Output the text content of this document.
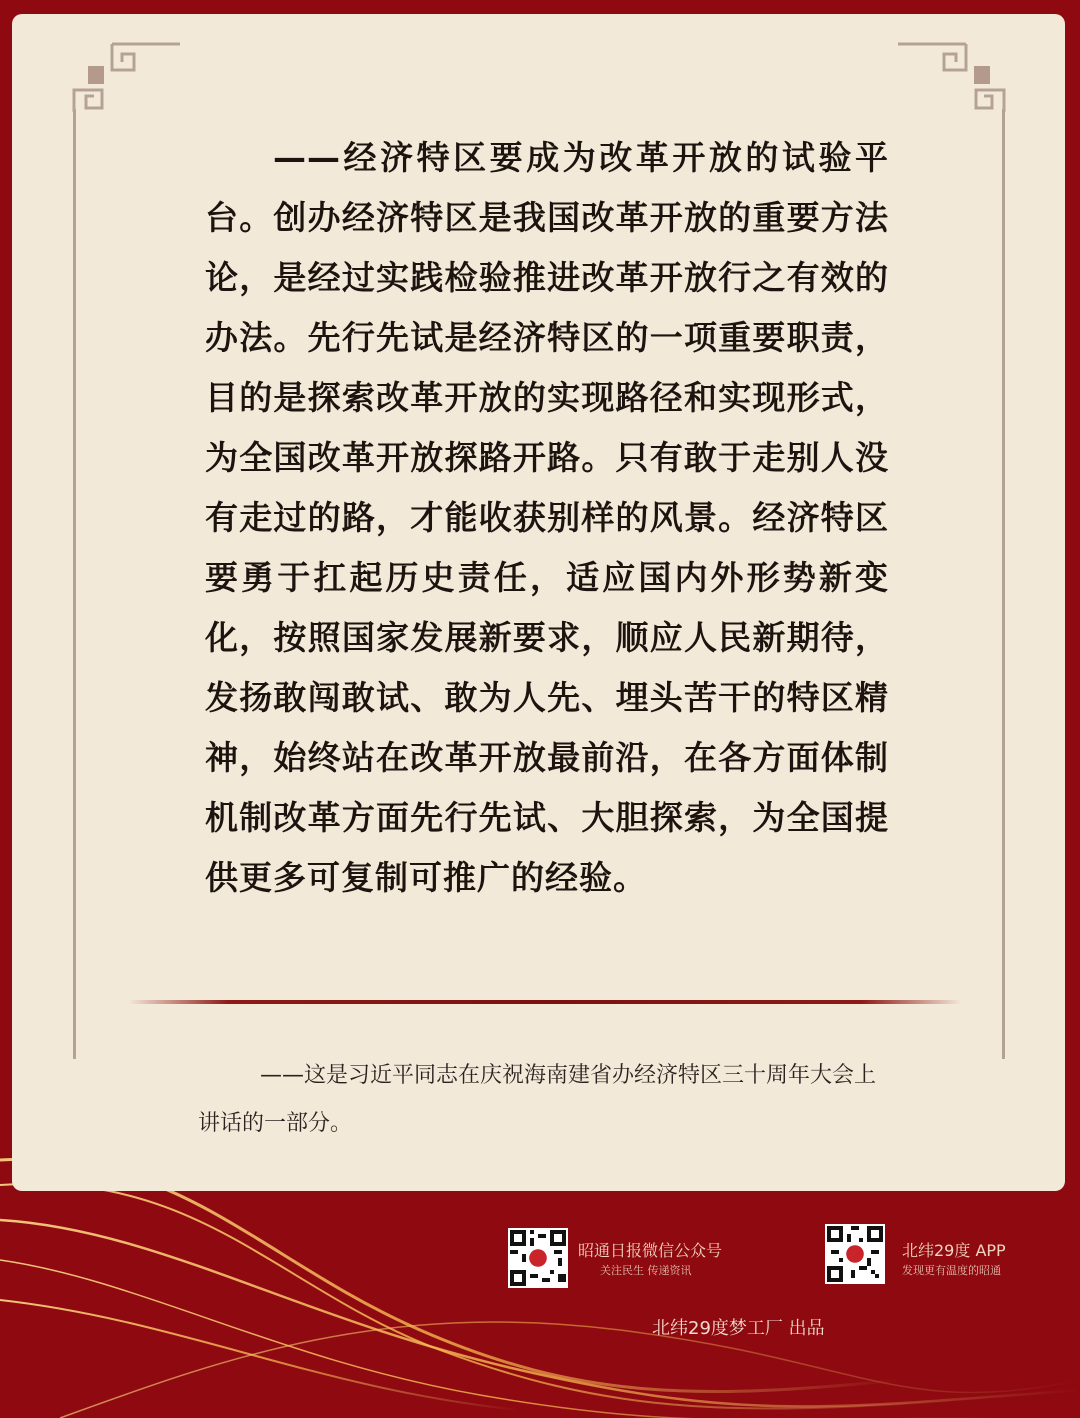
——经济特区要成为改革开放的试验平台。创办经济特区是我国改革开放的重要方法论，是经过实践检验推进改革开放行之有效的办法。先行先试是经济特区的一项重要职责，目的是探索改革开放的实现路径和实现形式，为全国改革开放探路开路。只有敢于走别人没有走过的路，才能收获别样的风景。经济特区要勇于扛起历史责任，适应国内外形势新变化，按照国家发展新要求，顺应人民新期待，发扬敢闯敢试、敢为人先、埋头苦干的特区精神，始终站在改革开放最前沿，在各方面体制机制改革方面先行先试、大胆探索，为全国提供更多可复制可推广的经验。

——这是习近平同志在庆祝海南建省办经济特区三十周年大会上讲话的一部分。

昭通日报微信公众号
关注民生 传递资讯
北纬29度 APP
发现更有温度的昭通
北纬29度梦工厂 出品
